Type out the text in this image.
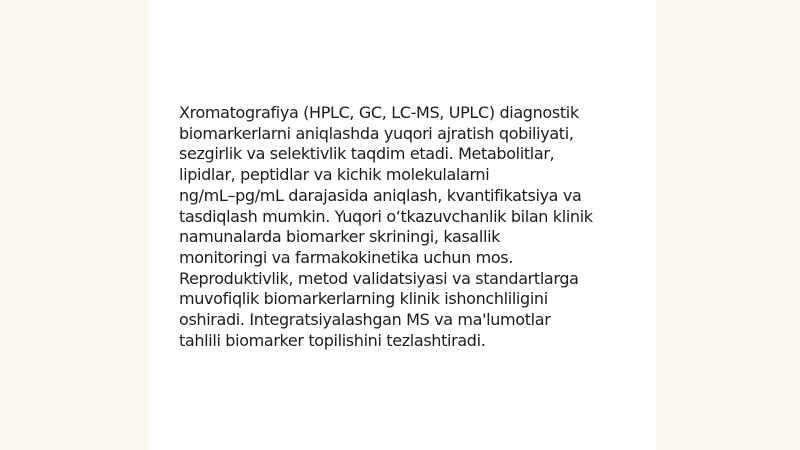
Xromatografiya (HPLC, GC, LC-MS, UPLC) diagnostik
biomarkerlarni aniqlashda yuqori ajratish qobiliyati,
sezgirlik va selektivlik taqdim etadi. Metabolitlar,
lipidlar, peptidlar va kichik molekulalarni
ng/mL–pg/mL darajasida aniqlash, kvantifikatsiya va
tasdiqlash mumkin. Yuqori o‘tkazuvchanlik bilan klinik
namunalarda biomarker skriningi, kasallik
monitoringi va farmakokinetika uchun mos.
Reproduktivlik, metod validatsiyasi va standartlarga
muvofiqlik biomarkerlarning klinik ishonchliligini
oshiradi. Integratsiyalashgan MS va ma'lumotlar
tahlili biomarker topilishini tezlashtiradi.
